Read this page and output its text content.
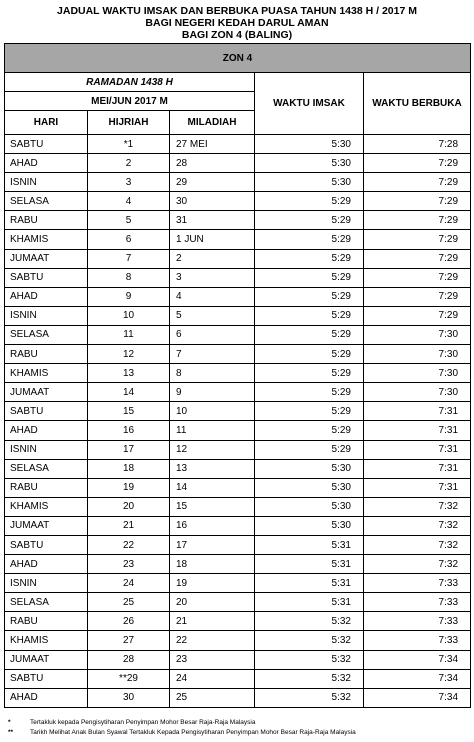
JADUAL WAKTU IMSAK DAN BERBUKA PUASA TAHUN 1438 H / 2017 M
BAGI NEGERI KEDAH DARUL AMAN
BAGI ZON 4 (BALING)
ZON 4				
RAMADAN 1438 H			WAKTU IMSAK	WAKTU BERBUKA
MEI/JUN 2017 M				
HARI	HIJRIAH	MILADIAH		
SABTU	*1	27 MEI	5:30	7:28
AHAD	2	28	5:30	7:29
ISNIN	3	29	5:30	7:29
SELASA	4	30	5:29	7:29
RABU	5	31	5:29	7:29
KHAMIS	6	1 JUN	5:29	7:29
JUMAAT	7	2	5:29	7:29
SABTU	8	3	5:29	7:29
AHAD	9	4	5:29	7:29
ISNIN	10	5	5:29	7:29
SELASA	11	6	5:29	7:30
RABU	12	7	5:29	7:30
KHAMIS	13	8	5:29	7:30
JUMAAT	14	9	5:29	7:30
SABTU	15	10	5:29	7:31
AHAD	16	11	5:29	7:31
ISNIN	17	12	5:29	7:31
SELASA	18	13	5:30	7:31
RABU	19	14	5:30	7:31
KHAMIS	20	15	5:30	7:32
JUMAAT	21	16	5:30	7:32
SABTU	22	17	5:31	7:32
AHAD	23	18	5:31	7:32
ISNIN	24	19	5:31	7:33
SELASA	25	20	5:31	7:33
RABU	26	21	5:32	7:33
KHAMIS	27	22	5:32	7:33
JUMAAT	28	23	5:32	7:34
SABTU	**29	24	5:32	7:34
AHAD	30	25	5:32	7:34
*	Tertakluk kepada Pengisytiharan Penyimpan Mohor Besar Raja-Raja Malaysia
**	Tarikh Melihat Anak Bulan Syawal Tertakluk Kepada Pengisytiharan Penyimpan Mohor Besar Raja-Raja Malaysia
